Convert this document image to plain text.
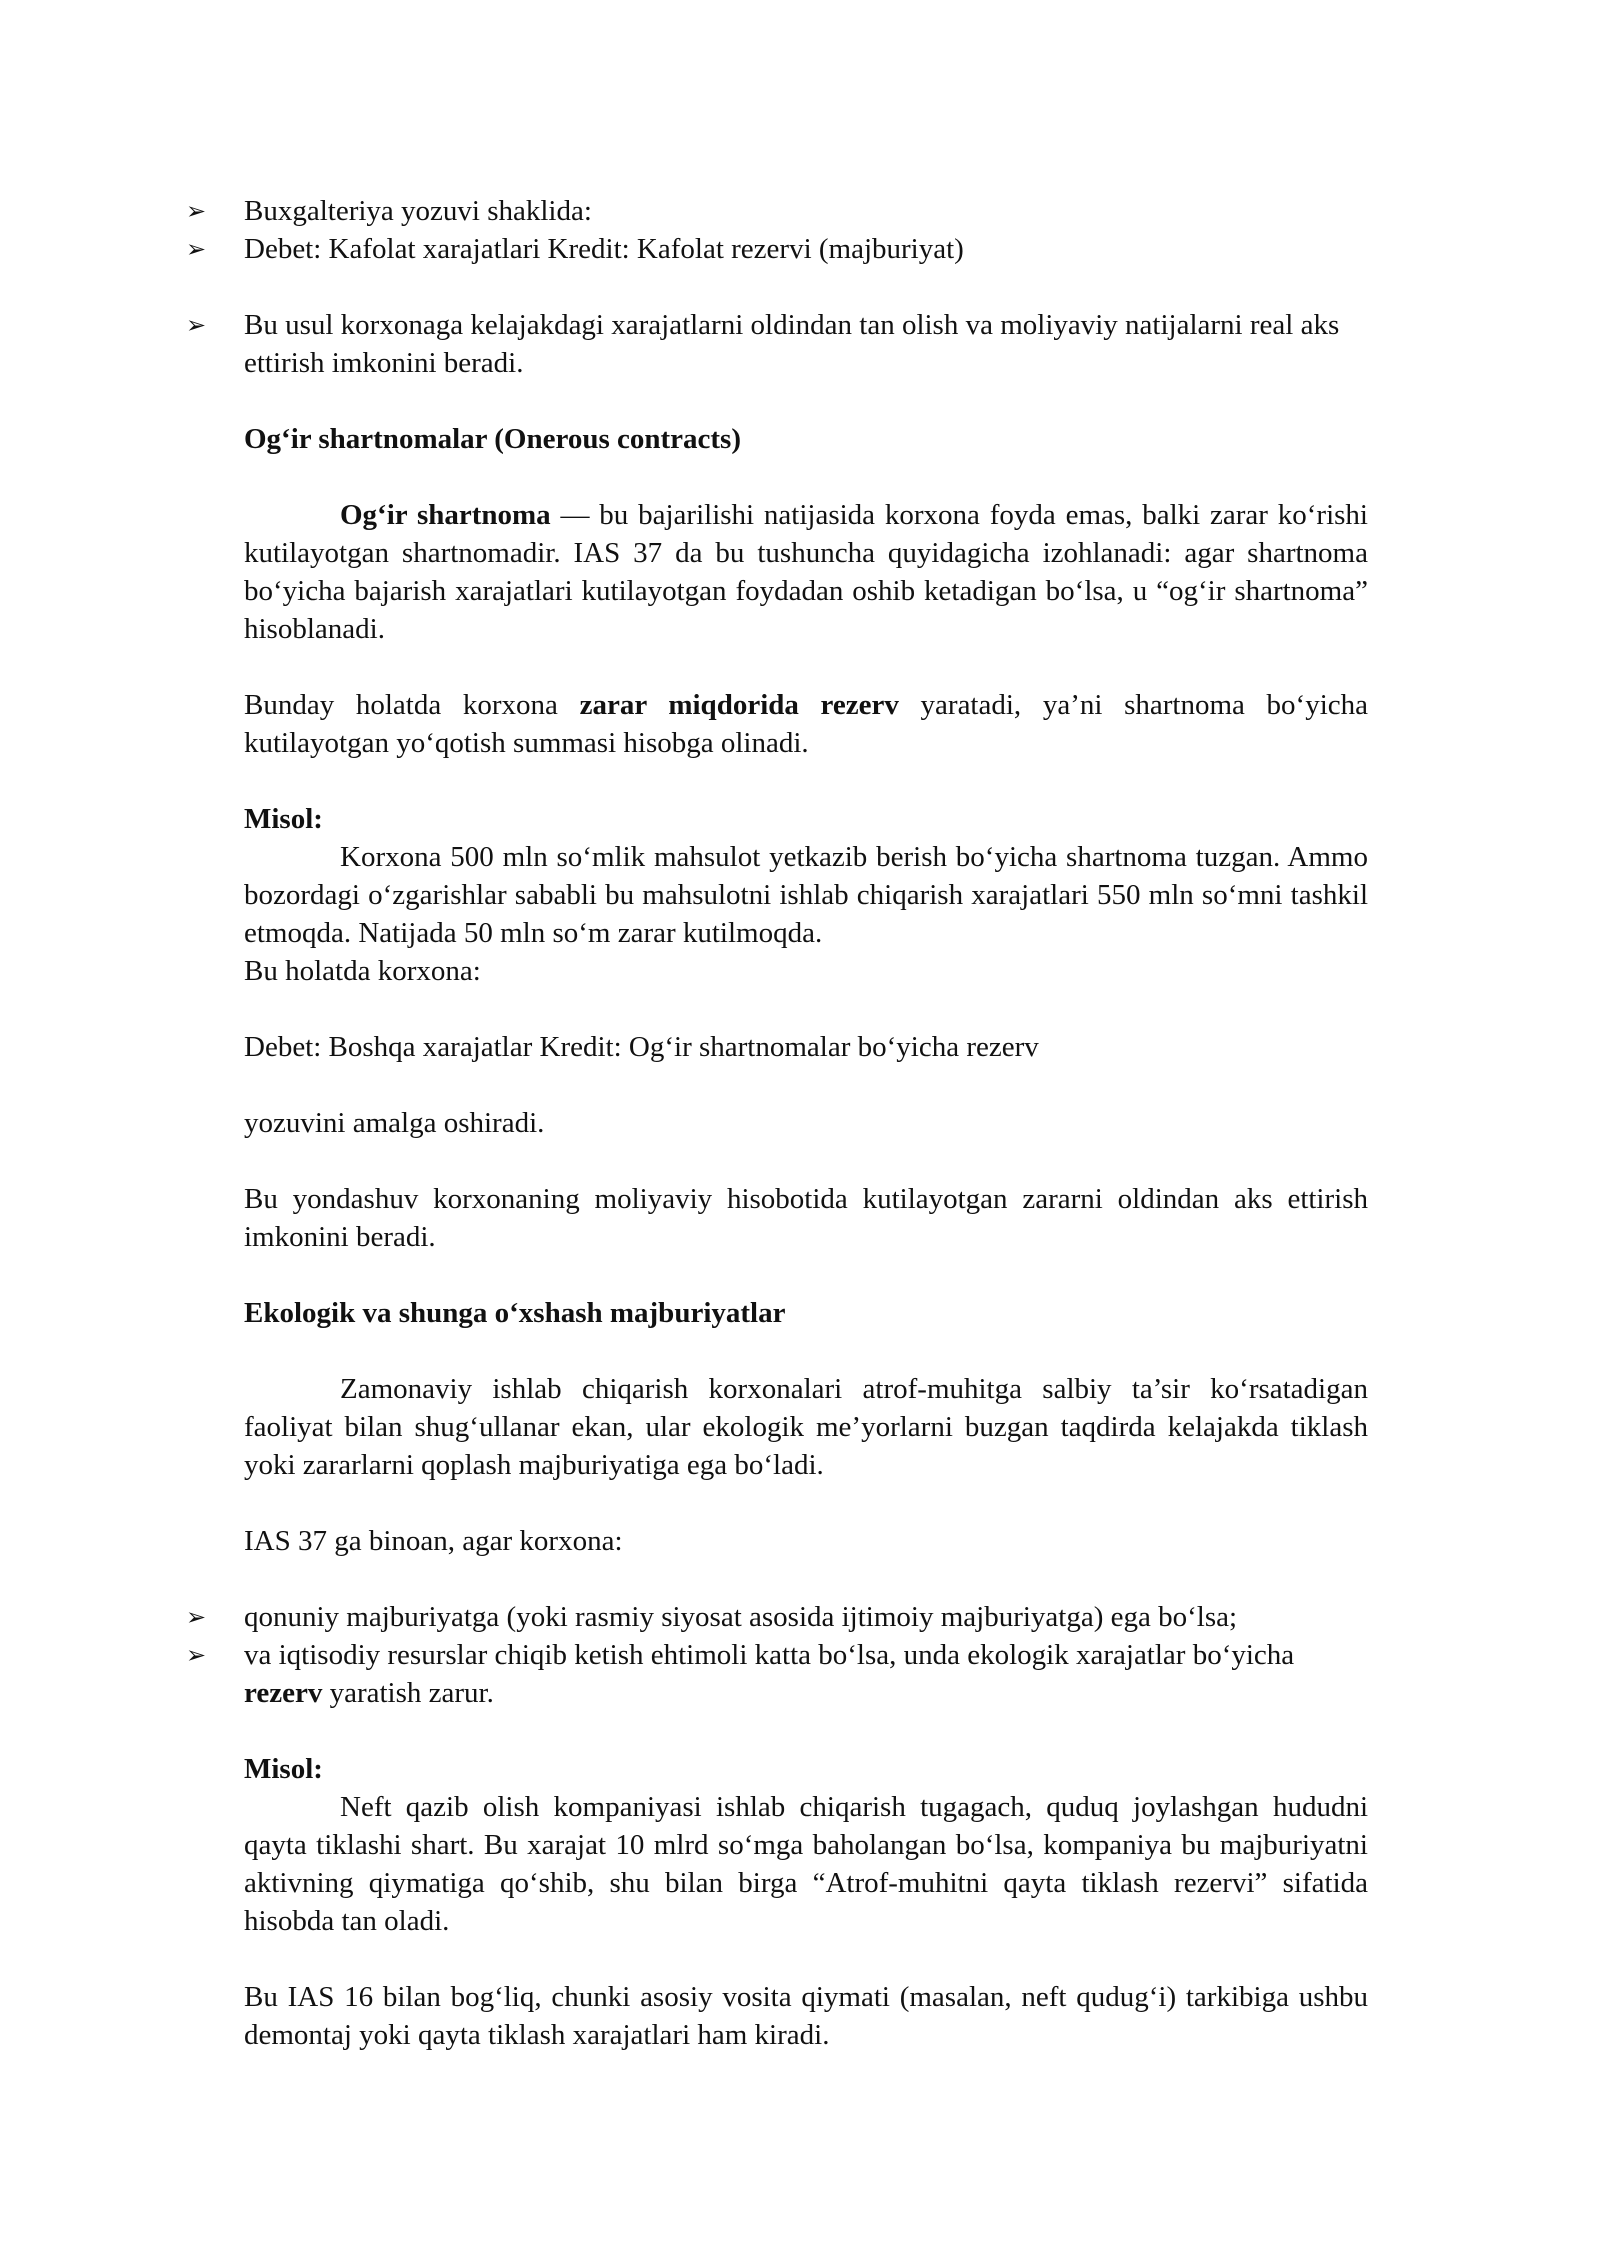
➢ Buxgalteriya yozuvi shaklida:
➢ Debet: Kafolat xarajatlari Kredit: Kafolat rezervi (majburiyat)
➢ Bu usul korxonaga kelajakdagi xarajatlarni oldindan tan olish va moliyaviy natijalarni real aks ettirish imkonini beradi.

Og‘ir shartnomalar (Onerous contracts)

Og‘ir shartnoma — bu bajarilishi natijasida korxona foyda emas, balki zarar ko‘rishi kutilayotgan shartnomadir. IAS 37 da bu tushuncha quyidagicha izohlanadi: agar shartnoma bo‘yicha bajarish xarajatlari kutilayotgan foydadan oshib ketadigan bo‘lsa, u “og‘ir shartnoma” hisoblanadi.

Bunday holatda korxona zarar miqdorida rezerv yaratadi, ya’ni shartnoma bo‘yicha kutilayotgan yo‘qotish summasi hisobga olinadi.

Misol:

Korxona 500 mln so‘mlik mahsulot yetkazib berish bo‘yicha shartnoma tuzgan. Ammo bozordagi o‘zgarishlar sababli bu mahsulotni ishlab chiqarish xarajatlari 550 mln so‘mni tashkil etmoqda. Natijada 50 mln so‘m zarar kutilmoqda.

Bu holatda korxona:

Debet: Boshqa xarajatlar Kredit: Og‘ir shartnomalar bo‘yicha rezerv

yozuvini amalga oshiradi.

Bu yondashuv korxonaning moliyaviy hisobotida kutilayotgan zararni oldindan aks ettirish imkonini beradi.

Ekologik va shunga o‘xshash majburiyatlar

Zamonaviy ishlab chiqarish korxonalari atrof-muhitga salbiy ta’sir ko‘rsatadigan faoliyat bilan shug‘ullanar ekan, ular ekologik me’yorlarni buzgan taqdirda kelajakda tiklash yoki zararlarni qoplash majburiyatiga ega bo‘ladi.

IAS 37 ga binoan, agar korxona:

➢ qonuniy majburiyatga (yoki rasmiy siyosat asosida ijtimoiy majburiyatga) ega bo‘lsa;
➢ va iqtisodiy resurslar chiqib ketish ehtimoli katta bo‘lsa, unda ekologik xarajatlar bo‘yicha rezerv yaratish zarur.

Misol:

Neft qazib olish kompaniyasi ishlab chiqarish tugagach, quduq joylashgan hududni qayta tiklashi shart. Bu xarajat 10 mlrd so‘mga baholangan bo‘lsa, kompaniya bu majburiyatni aktivning qiymatiga qo‘shib, shu bilan birga “Atrof-muhitni qayta tiklash rezervi” sifatida hisobda tan oladi.

Bu IAS 16 bilan bog‘liq, chunki asosiy vosita qiymati (masalan, neft qudug‘i) tarkibiga ushbu demontaj yoki qayta tiklash xarajatlari ham kiradi.
